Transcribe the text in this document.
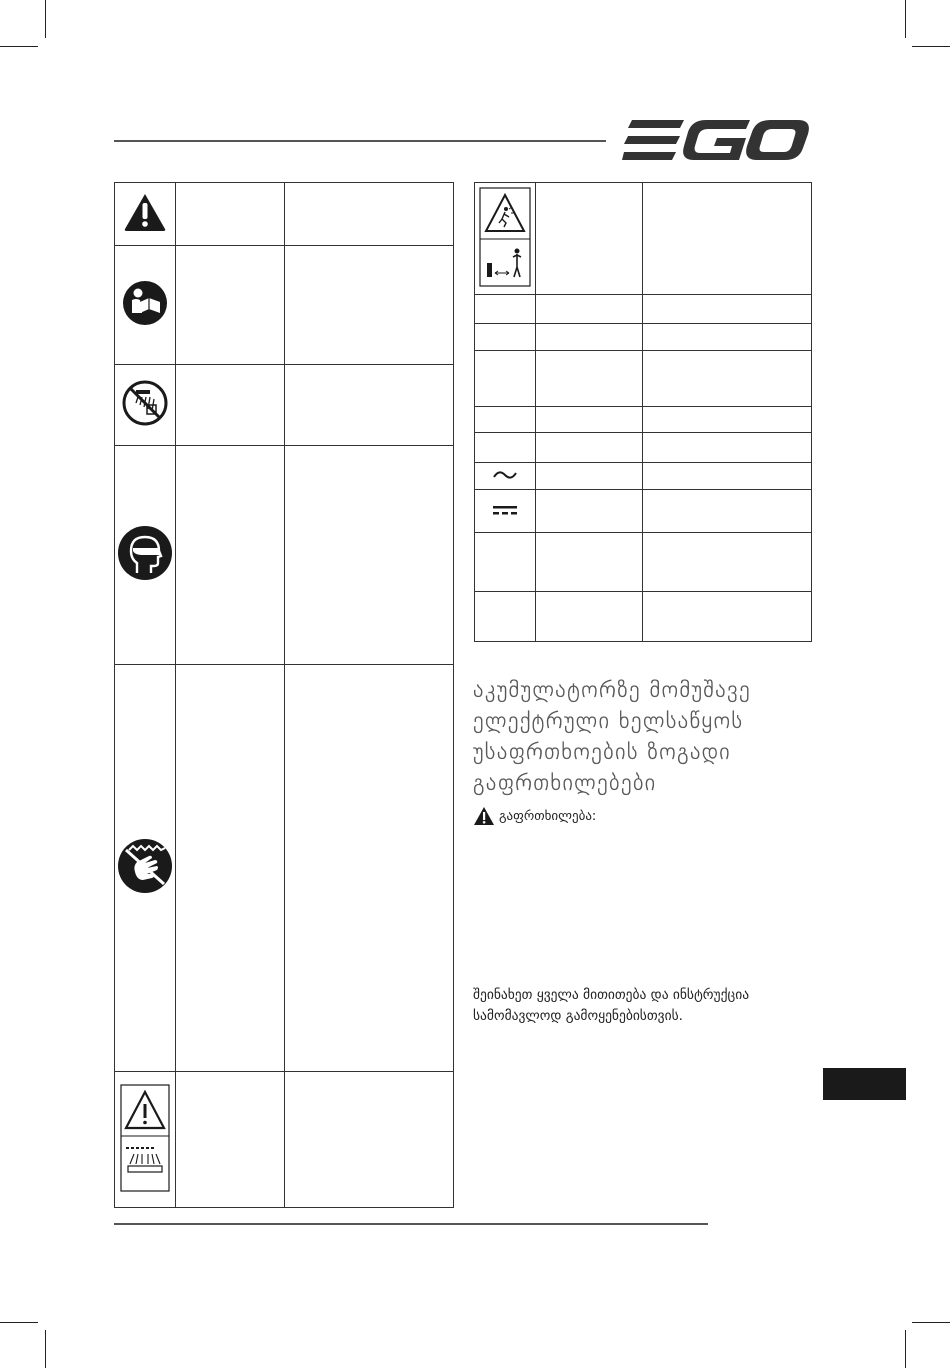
აკუმულატორზე მომუშავე ელექტრული ხელსაწყოს უსაფრთხოების ზოგადი გაფრთხილებები
გაფრთხილება:
შეინახეთ ყველა მითითება და ინსტრუქცია სამომავლოდ გამოყენებისთვის.
